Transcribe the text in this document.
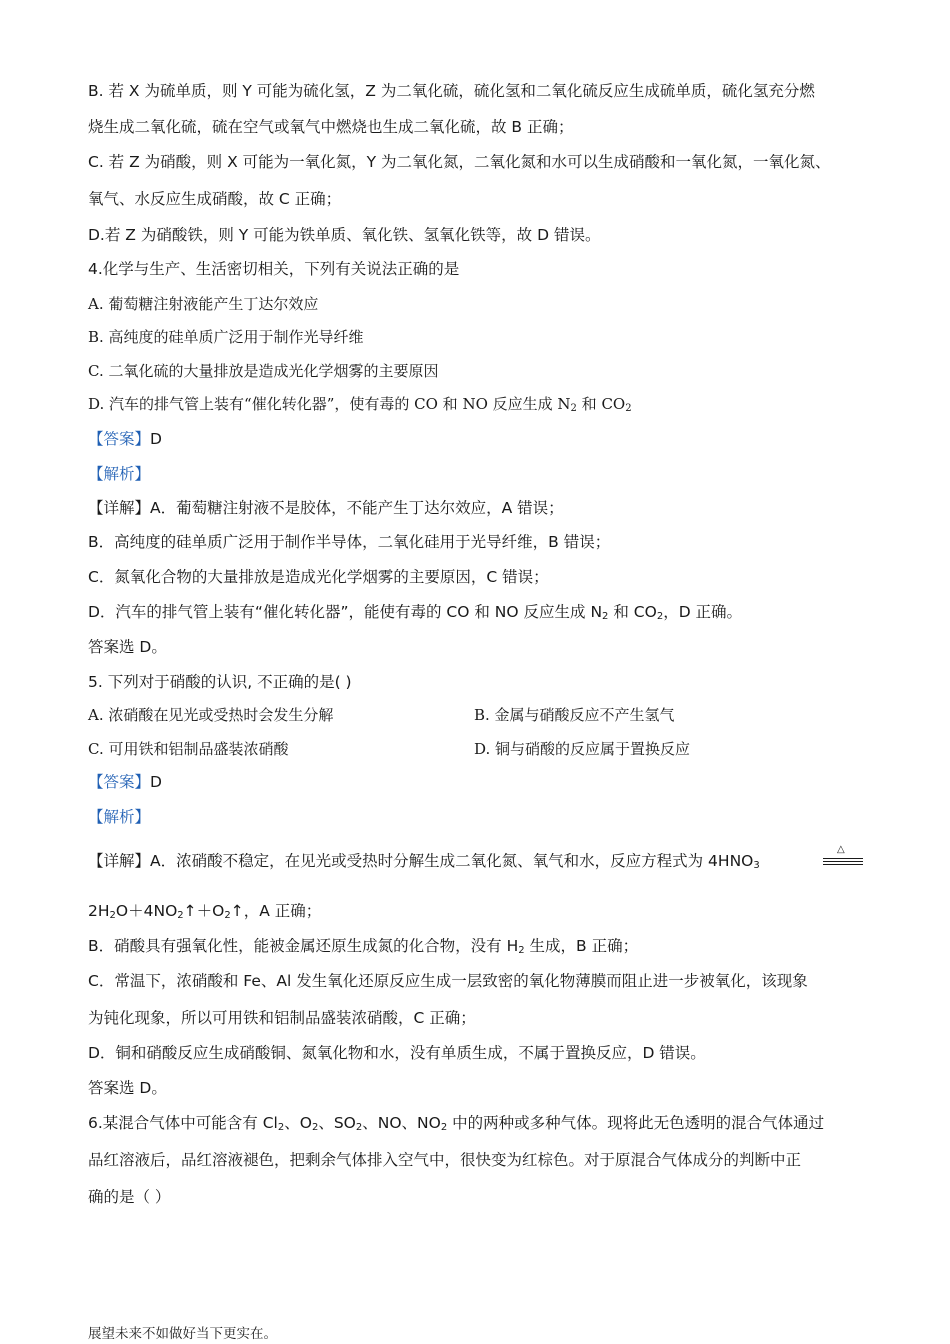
B. 若 X 为硫单质，则 Y 可能为硫化氢，Z 为二氧化硫，硫化氢和二氧化硫反应生成硫单质，硫化氢充分燃
烧生成二氧化硫，硫在空气或氧气中燃烧也生成二氧化硫，故 B 正确；
C. 若 Z 为硝酸，则 X 可能为一氧化氮，Y 为二氧化氮，二氧化氮和水可以生成硝酸和一氧化氮，一氧化氮、
氧气、水反应生成硝酸，故 C 正确；
D.若 Z 为硝酸铁，则 Y 可能为铁单质、氧化铁、氢氧化铁等，故 D 错误。
4.化学与生产、生活密切相关，下列有关说法正确的是
A. 葡萄糖注射液能产生丁达尔效应
B. 高纯度的硅单质广泛用于制作光导纤维
C. 二氧化硫的大量排放是造成光化学烟雾的主要原因
D. 汽车的排气管上装有“催化转化器”，使有毒的 CO 和 NO 反应生成 $N_2$ 和 $CO_2$
【答案】D
【解析】
【详解】A．葡萄糖注射液不是胶体，不能产生丁达尔效应，A 错误；
B．高纯度的硅单质广泛用于制作半导体，二氧化硅用于光导纤维，B 错误；
C．氮氧化合物的大量排放是造成光化学烟雾的主要原因，C 错误；
D．汽车的排气管上装有“催化转化器”，能使有毒的 CO 和 NO 反应生成 $N_2$ 和 $CO_2$，D 正确。
答案选 D。
5. 下列对于硝酸的认识, 不正确的是( )
A. 浓硝酸在见光或受热时会发生分解	B. 金属与硝酸反应不产生氢气
C. 可用铁和铝制品盛装浓硝酸	D. 铜与硝酸的反应属于置换反应
【答案】D
【解析】
【详解】A．浓硝酸不稳定，在见光或受热时分解生成二氧化氮、氧气和水，反应方程式为 $4HNO_3$
△
$2H_2O+4NO_2↑+O_2↑$，A 正确；
B．硝酸具有强氧化性，能被金属还原生成氮的化合物，没有 $H_2$ 生成，B 正确；
C．常温下，浓硝酸和 Fe、Al 发生氧化还原反应生成一层致密的氧化物薄膜而阻止进一步被氧化，该现象
为钝化现象，所以可用铁和铝制品盛装浓硝酸，C 正确；
D．铜和硝酸反应生成硝酸铜、氮氧化物和水，没有单质生成，不属于置换反应，D 错误。
答案选 D。
6.某混合气体中可能含有 $Cl_2$、$O_2$、$SO_2$、NO、$NO_2$ 中的两种或多种气体。现将此无色透明的混合气体通过
品红溶液后，品红溶液褪色，把剩余气体排入空气中，很快变为红棕色。对于原混合气体成分的判断中正
确的是（ ）
展望未来不如做好当下更实在。
